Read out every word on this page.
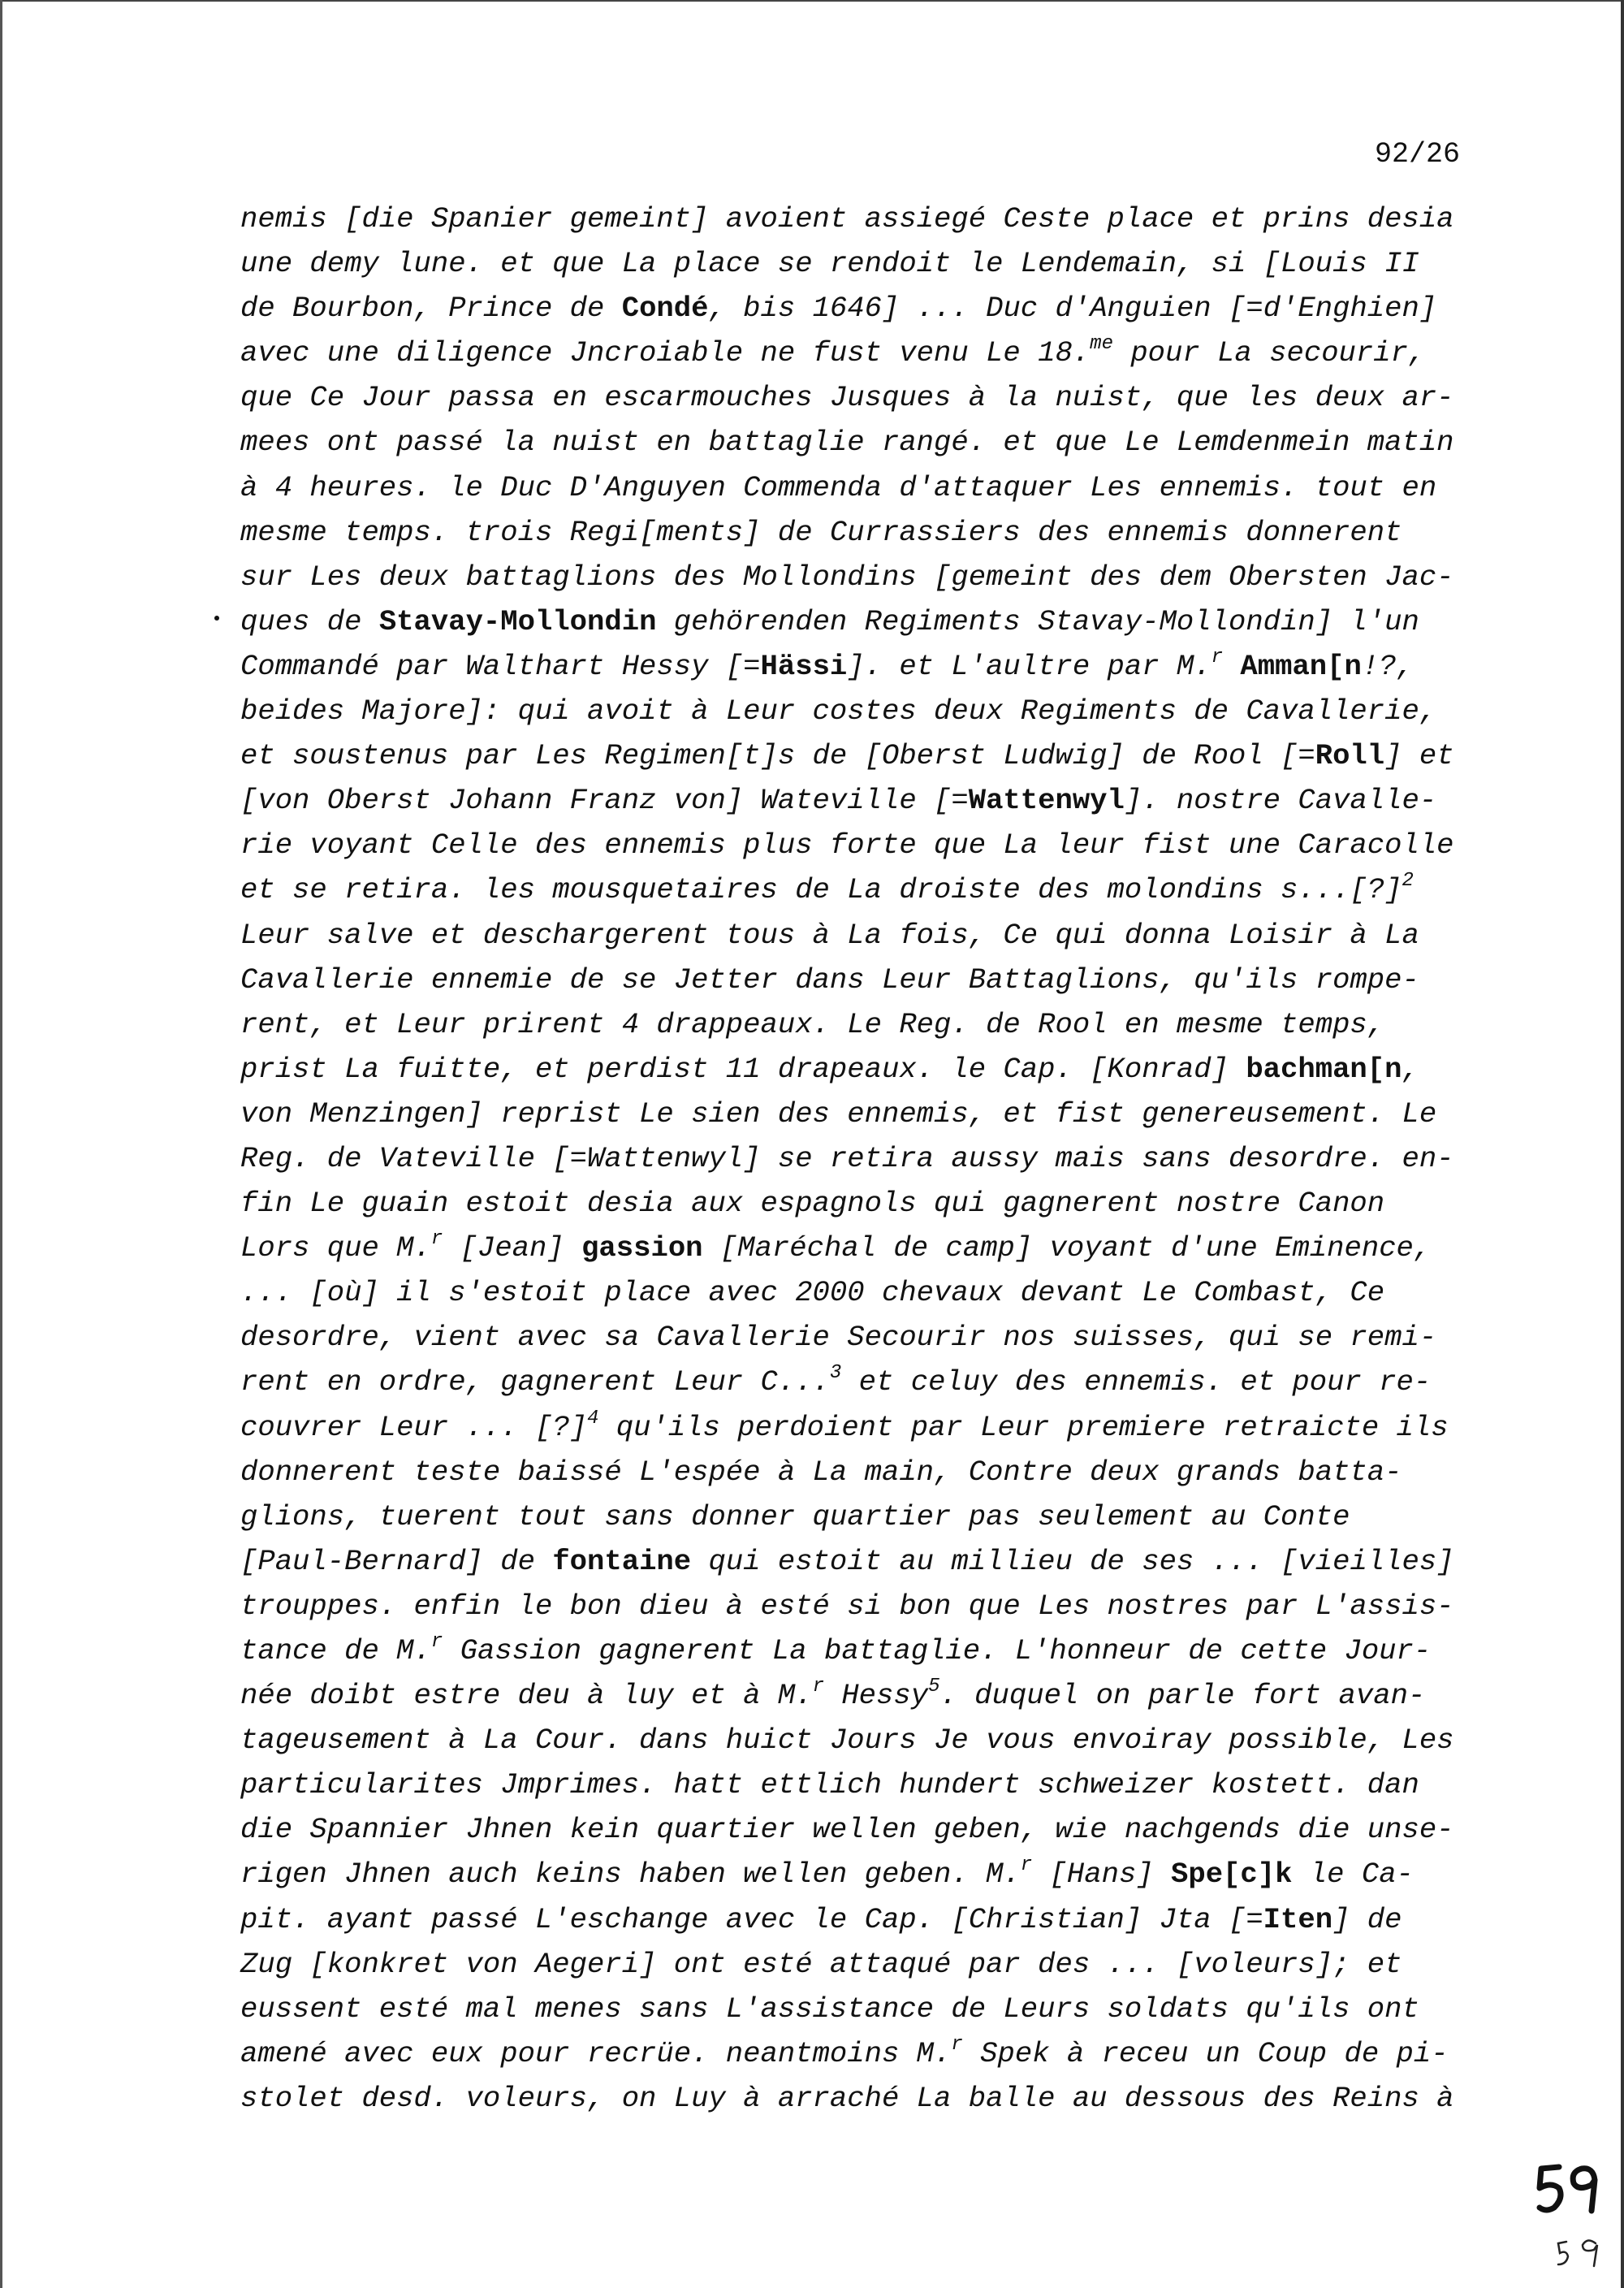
92/26
nemis [die Spanier gemeint] avoient assiegé Ceste place et prins desia
une demy lune. et que La place se rendoit le Lendemain, si [Louis II
de Bourbon, Prince de Condé, bis 1646] ... Duc d'Anguien [=d'Enghien]
avec une diligence Jncroiable ne fust venu Le 18.$^{me}$ pour La secourir,
que Ce Jour passa en escarmouches Jusques à la nuist, que les deux ar-
mees ont passé la nuist en battaglie rangé. et que Le Lemdenmein matin
à 4 heures. le Duc D'Anguyen Commenda d'attaquer Les ennemis. tout en
mesme temps. trois Regi[ments] de Currassiers des ennemis donnerent
sur Les deux battaglions des Mollondins [gemeint des dem Obersten Jac-
ques de Stavay-Mollondin gehörenden Regiments Stavay-Mollondin] l'un
Commandé par Walthart Hessy [=Hässi]. et L'aultre par M.$^r$ Amman[n!?,
beides Majore]: qui avoit à Leur costes deux Regiments de Cavallerie,
et soustenus par Les Regimen[t]s de [Oberst Ludwig] de Rool [=Roll] et
[von Oberst Johann Franz von] Wateville [=Wattenwyl]. nostre Cavalle-
rie voyant Celle des ennemis plus forte que La leur fist une Caracolle
et se retira. les mousquetaires de La droiste des molondins s...[?]$^2$
Leur salve et deschargerent tous à La fois, Ce qui donna Loisir à La
Cavallerie ennemie de se Jetter dans Leur Battaglions, qu'ils rompe-
rent, et Leur prirent 4 drappeaux. Le Reg. de Rool en mesme temps,
prist La fuitte, et perdist 11 drapeaux. le Cap. [Konrad] bachman[n,
von Menzingen] reprist Le sien des ennemis, et fist genereusement. Le
Reg. de Vateville [=Wattenwyl] se retira aussy mais sans desordre. en-
fin Le guain estoit desia aux espagnols qui gagnerent nostre Canon
Lors que M.$^r$ [Jean] gassion [Maréchal de camp] voyant d'une Eminence,
... [où] il s'estoit place avec 2000 chevaux devant Le Combast, Ce
desordre, vient avec sa Cavallerie Secourir nos suisses, qui se remi-
rent en ordre, gagnerent Leur C...$^3$ et celuy des ennemis. et pour re-
couvrer Leur ... [?]$^4$ qu'ils perdoient par Leur premiere retraicte ils
donnerent teste baissé L'espée à La main, Contre deux grands batta-
glions, tuerent tout sans donner quartier pas seulement au Conte
[Paul-Bernard] de fontaine qui estoit au millieu de ses ... [vieilles]
trouppes. enfin le bon dieu à esté si bon que Les nostres par L'assis-
tance de M.$^r$ Gassion gagnerent La battaglie. L'honneur de cette Jour-
née doibt estre deu à luy et à M.$^r$ Hessy$^5$. duquel on parle fort avan-
tageusement à La Cour. dans huict Jours Je vous envoiray possible, Les
particularites Jmprimes. hatt ettlich hundert schweizer kostett. dan
die Spannier Jhnen kein quartier wellen geben, wie nachgends die unse-
rigen Jhnen auch keins haben wellen geben. M.$^r$ [Hans] Spe[c]k le Ca-
pit. ayant passé L'eschange avec le Cap. [Christian] Jta [=Iten] de
Zug [konkret von Aegeri] ont esté attaqué par des ... [voleurs]; et
eussent esté mal menes sans L'assistance de Leurs soldats qu'ils ont
amené avec eux pour recrüe. neantmoins M.$^r$ Spek à receu un Coup de pi-
stolet desd. voleurs, on Luy à arraché La balle au dessous des Reins à
